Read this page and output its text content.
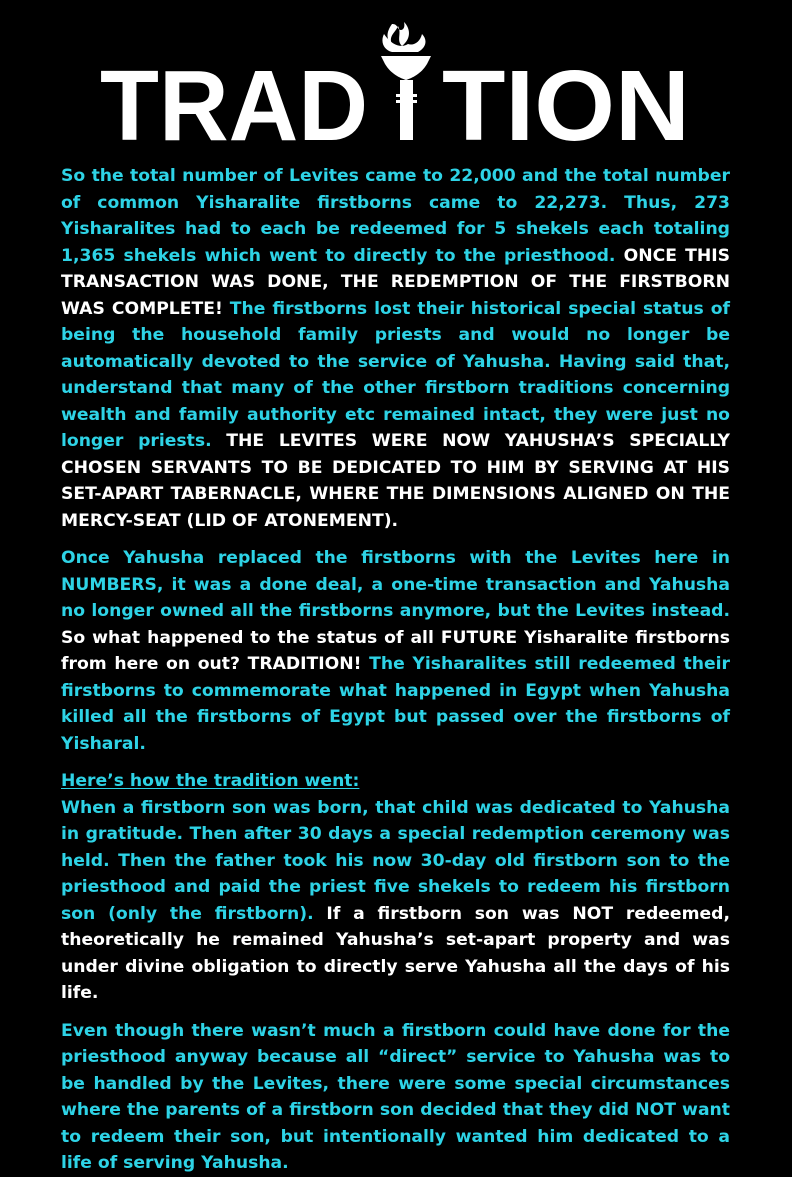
TRAD TION

So the total number of Levites came to 22,000 and the total number of common Yisharalite firstborns came to 22,273. Thus, 273 Yisharalites had to each be redeemed for 5 shekels each totaling 1,365 shekels which went to directly to the priesthood. ONCE THIS TRANSACTION WAS DONE, THE REDEMPTION OF THE FIRSTBORN WAS COMPLETE! The firstborns lost their historical special status of being the household family priests and would no longer be automatically devoted to the service of Yahusha. Having said that, understand that many of the other firstborn traditions concerning wealth and family authority etc remained intact, they were just no longer priests. THE LEVITES WERE NOW YAHUSHA’S SPECIALLY CHOSEN SERVANTS TO BE DEDICATED TO HIM BY SERVING AT HIS SET-APART TABERNACLE, WHERE THE DIMENSIONS ALIGNED ON THE MERCY-SEAT (LID OF ATONEMENT).

Once Yahusha replaced the firstborns with the Levites here in NUMBERS, it was a done deal, a one-time transaction and Yahusha no longer owned all the firstborns anymore, but the Levites instead. So what happened to the status of all FUTURE Yisharalite firstborns from here on out? TRADITION! The Yisharalites still redeemed their firstborns to commemorate what happened in Egypt when Yahusha killed all the firstborns of Egypt but passed over the firstborns of Yisharal.

Here’s how the tradition went:

When a firstborn son was born, that child was dedicated to Yahusha in gratitude. Then after 30 days a special redemption ceremony was held. Then the father took his now 30-day old firstborn son to the priesthood and paid the priest five shekels to redeem his firstborn son (only the firstborn). If a firstborn son was NOT redeemed, theoretically he remained Yahusha’s set-apart property and was under divine obligation to directly serve Yahusha all the days of his life.

Even though there wasn’t much a firstborn could have done for the priesthood anyway because all “direct” service to Yahusha was to be handled by the Levites, there were some special circumstances where the parents of a firstborn son decided that they did NOT want to redeem their son, but intentionally wanted him dedicated to a life of serving Yahusha.
